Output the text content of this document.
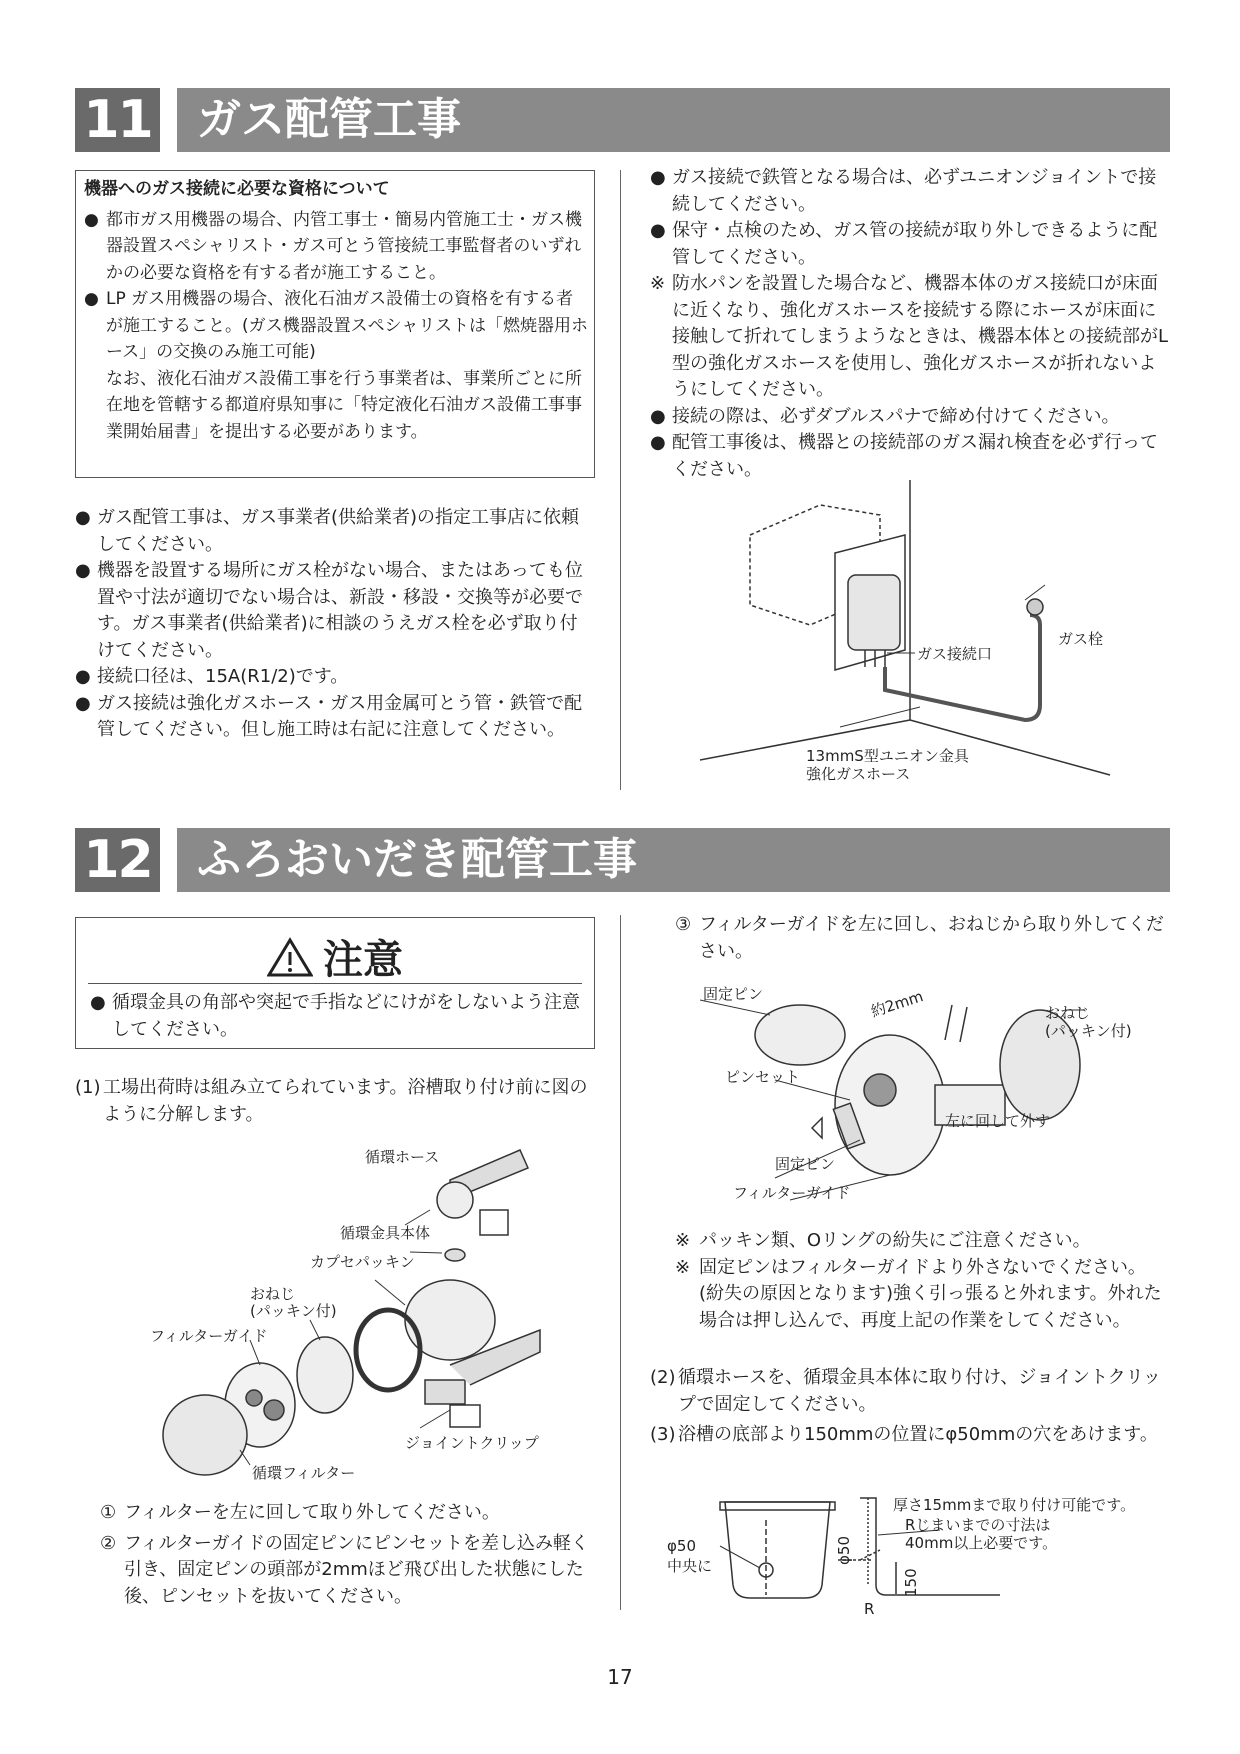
11	ガス配管工事
機器へのガス接続に必要な資格について
● 都市ガス用機器の場合、内管工事士・簡易内管施工士・ガス機器設置スペシャリスト・ガス可とう管接続工事監督者のいずれかの必要な資格を有する者が施工すること。
● LP ガス用機器の場合、液化石油ガス設備士の資格を有する者が施工すること。(ガス機器設置スペシャリストは「燃焼器用ホース」の交換のみ施工可能)
なお、液化石油ガス設備工事を行う事業者は、事業所ごとに所在地を管轄する都道府県知事に「特定液化石油ガス設備工事事業開始届書」を提出する必要があります。
● ガス配管工事は、ガス事業者(供給業者)の指定工事店に依頼してください。
● 機器を設置する場所にガス栓がない場合、またはあっても位置や寸法が適切でない場合は、新設・移設・交換等が必要です。ガス事業者(供給業者)に相談のうえガス栓を必ず取り付けてください。
● 接続口径は、15A(R1/2)です。
● ガス接続は強化ガスホース・ガス用金属可とう管・鉄管で配管してください。但し施工時は右記に注意してください。
● ガス接続で鉄管となる場合は、必ずユニオンジョイントで接続してください。
● 保守・点検のため、ガス管の接続が取り外しできるように配管してください。
※ 防水パンを設置した場合など、機器本体のガス接続口が床面に近くなり、強化ガスホースを接続する際にホースが床面に接触して折れてしまうようなときは、機器本体との接続部がL型の強化ガスホースを使用し、強化ガスホースが折れないようにしてください。
● 接続の際は、必ずダブルスパナで締め付けてください。
● 配管工事後は、機器との接続部のガス漏れ検査を必ず行ってください。
ガス接続口
ガス栓
13mmS型ユニオン金具
強化ガスホース
12	ふろおいだき配管工事
注意
● 循環金具の角部や突起で手指などにけがをしないよう注意してください。
(1) 工場出荷時は組み立てられています。浴槽取り付け前に図のように分解します。
循環ホース
循環金具本体
カプセパッキン
おねじ
(パッキン付)
フィルターガイド
ジョイントクリップ
循環フィルター
① フィルターを左に回して取り外してください。
② フィルターガイドの固定ピンにピンセットを差し込み軽く引き、固定ピンの頭部が2mmほど飛び出した状態にした後、ピンセットを抜いてください。
③ フィルターガイドを左に回し、おねじから取り外してください。
固定ピン	約2mm
ピンセット
固定ピン
フィルターガイド
おねじ
(パッキン付)
左に回して外す
※ パッキン類、Oリングの紛失にご注意ください。
※ 固定ピンはフィルターガイドより外さないでください。(紛失の原因となります)強く引っ張ると外れます。外れた場合は押し込んで、再度上記の作業をしてください。
(2) 循環ホースを、循環金具本体に取り付け、ジョイントクリップで固定してください。
(3) 浴槽の底部より150mmの位置にφ50mmの穴をあけます。
φ50
中央に
厚さ15mmまで取り付け可能です。
Rじまいまでの寸法は
40mm以上必要です。
φ50
150
R
17
